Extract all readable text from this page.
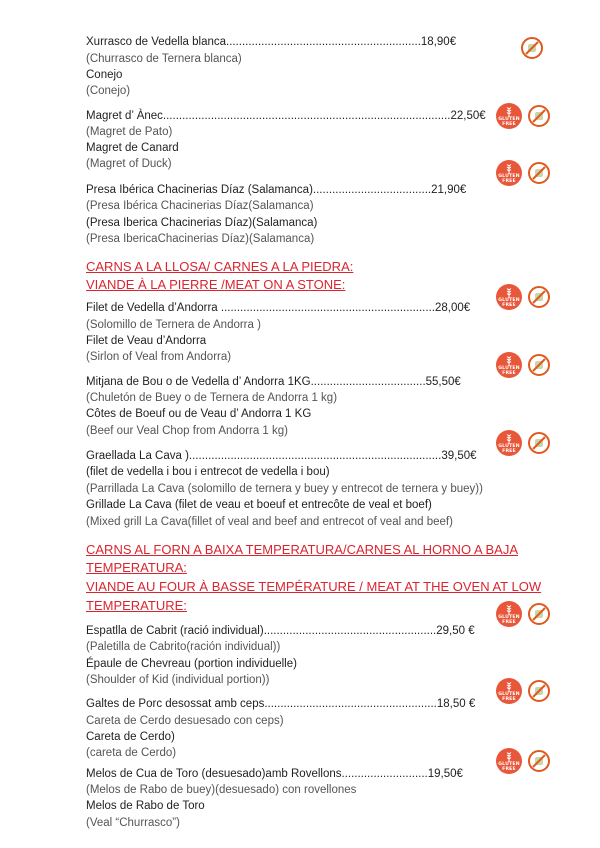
Xurrasco de Vedella blanca.............................................................18,90€
(Churrasco de Ternera blanca)
Conejo
(Conejo)
Magret d’ Ànec..........................................................................................22,50€
(Magret de Pato)
Magret de Canard
(Magret of Duck)
Presa Ibérica Chacinerias Díaz (Salamanca).....................................21,90€
(Presa Ibérica Chacinerias Díaz(Salamanca)
(Presa Iberica Chacinerias Díaz)(Salamanca)
(Presa IbericaChacinerias Díaz)(Salamanca)
CARNS A LA LLOSA/ CARNES A LA PIEDRA:
VIANDE À LA PIERRE /MEAT ON A STONE:
Filet de Vedella d’Andorra ...................................................................28,00€
(Solomillo de Ternera de Andorra )
Filet de Veau d’Andorra
(Sirlon of Veal from Andorra)
Mitjana de Bou o de Vedella d’ Andorra 1KG....................................55,50€
(Chuletón de Buey o de Ternera de Andorra 1 kg)
Côtes de Boeuf ou de Veau d’ Andorra 1 KG
(Beef our Veal Chop from Andorra 1 kg)
Graellada La Cava )...............................................................................39,50€
(filet de vedella i bou i entrecot de vedella i bou)
(Parrillada La Cava (solomillo de ternera y buey y entrecot de ternera y buey))
Grillade La Cava (filet de veau et boeuf et entrecôte de veal et boef)
(Mixed grill La Cava(fillet of veal and beef and entrecot of veal and beef)
CARNS AL FORN A BAIXA TEMPERATURA/CARNES AL HORNO A BAJA
TEMPERATURA:
VIANDE AU FOUR À BASSE TEMPÉRATURE / MEAT AT THE OVEN AT LOW
TEMPERATURE:
Espatlla de Cabrit (ració individual)......................................................29,50 €
(Paletilla de Cabrito(ración individual))
Épaule de Chevreau (portion individuelle)
(Shoulder of Kid (individual portion))
Galtes de Porc desossat amb ceps......................................................18,50 €
Careta de Cerdo desuesado con ceps)
Careta de Cerdo)
(careta de Cerdo)
Melos de Cua de Toro (desuesado)amb Rovellons...........................19,50€
(Melos de Rabo de buey)(desuesado) con rovellones
Melos de Rabo de Toro
(Veal “Churrasco”)
GLUTEN
FREE
GLUTEN
FREE
GLUTEN
FREE
GLUTEN
FREE
GLUTEN
FREE
GLUTEN
FREE
GLUTEN
FREE
GLUTEN
FREE
